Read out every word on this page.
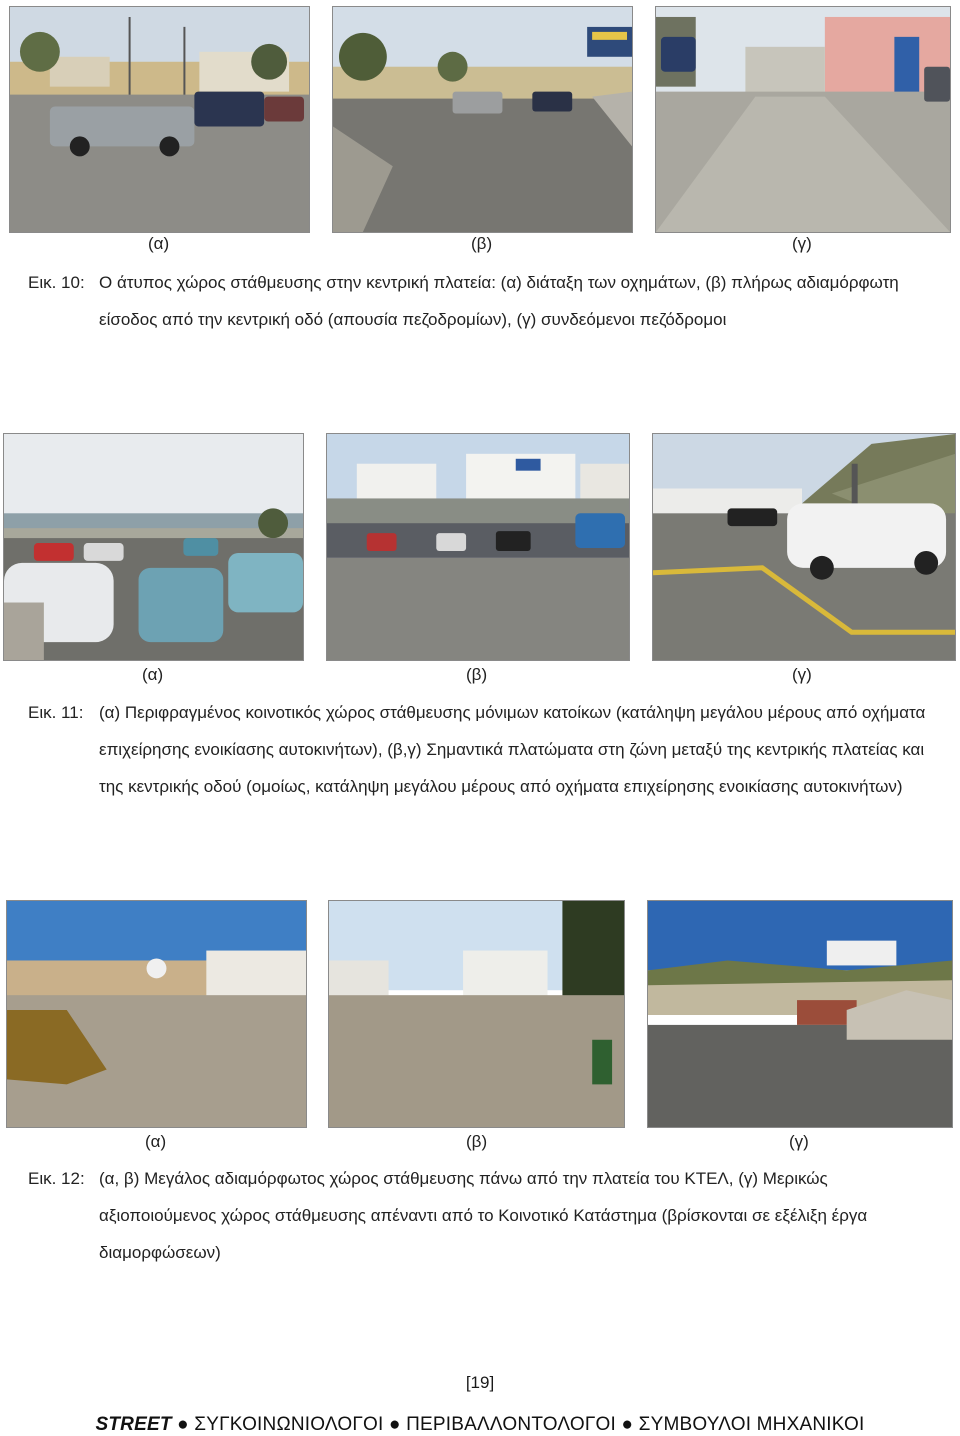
(α)	(β)	(γ)
Εικ. 10: Ο άτυπος χώρος στάθμευσης στην κεντρική πλατεία: (α) διάταξη των οχημάτων, (β) πλήρως αδιαμόρφωτη είσοδος από την κεντρική οδό (απουσία πεζοδρομίων), (γ) συνδεόμενοι πεζόδρομοι
(α)	(β)	(γ)
Εικ. 11: (α) Περιφραγμένος κοινοτικός χώρος στάθμευσης μόνιμων κατοίκων (κατάληψη μεγάλου μέρους από οχήματα επιχείρησης ενοικίασης αυτοκινήτων), (β,γ) Σημαντικά πλατώματα στη ζώνη μεταξύ της κεντρικής πλατείας και της κεντρικής οδού (ομοίως, κατάληψη μεγάλου μέρους από οχήματα επιχείρησης ενοικίασης αυτοκινήτων)
(α)	(β)	(γ)
Εικ. 12: (α, β) Μεγάλος αδιαμόρφωτος χώρος στάθμευσης πάνω από την πλατεία του ΚΤΕΛ, (γ) Μερικώς αξιοποιούμενος χώρος στάθμευσης απέναντι από το Κοινοτικό Κατάστημα (βρίσκονται σε εξέλιξη έργα διαμορφώσεων)
[19]
STREET ● ΣΥΓΚΟΙΝΩΝΙΟΛΟΓΟΙ ● ΠΕΡΙΒΑΛΛΟΝΤΟΛΟΓΟΙ ● ΣΥΜΒΟΥΛΟΙ ΜΗΧΑΝΙΚΟΙ
